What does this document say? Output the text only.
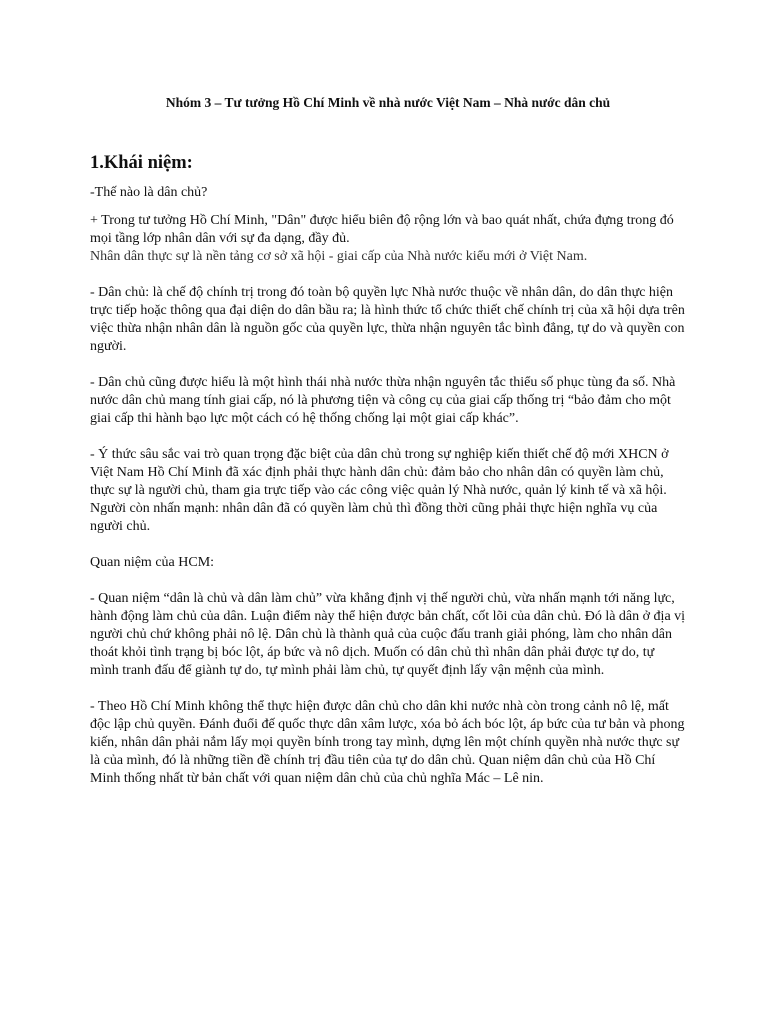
Nhóm 3 – Tư tưởng Hồ Chí Minh về nhà nước Việt Nam – Nhà nước dân chủ

1.Khái niệm:

-Thế nào là dân chủ?

+ Trong tư tưởng Hồ Chí Minh, "Dân" được hiểu biên độ rộng lớn và bao quát nhất, chứa đựng trong đó mọi tầng lớp nhân dân với sự đa dạng, đầy đủ.

Nhân dân thực sự là nền tảng cơ sở xã hội - giai cấp của Nhà nước kiểu mới ở Việt Nam.

- Dân chủ: là chế độ chính trị trong đó toàn bộ quyền lực Nhà nước thuộc về nhân dân, do dân thực hiện trực tiếp hoặc thông qua đại diện do dân bầu ra; là hình thức tổ chức thiết chế chính trị của xã hội dựa trên việc thừa nhận nhân dân là nguồn gốc của quyền lực, thừa nhận nguyên tắc bình đẳng, tự do và quyền con người.

- Dân chủ cũng được hiểu là một hình thái nhà nước thừa nhận nguyên tắc thiểu số phục tùng đa số. Nhà nước dân chủ mang tính giai cấp, nó là phương tiện và công cụ của giai cấp thống trị “bảo đảm cho một giai cấp thi hành bạo lực một cách có hệ thống chống lại một giai cấp khác”.

- Ý thức sâu sắc vai trò quan trọng đặc biệt của dân chủ trong sự nghiệp kiến thiết chế độ mới XHCN ở Việt Nam Hồ Chí Minh đã xác định phải thực hành dân chủ: đảm bảo cho nhân dân có quyền làm chủ, thực sự là người chủ, tham gia trực tiếp vào các công việc quản lý Nhà nước, quản lý kinh tế và xã hội. Người còn nhấn mạnh: nhân dân đã có quyền làm chủ thì đồng thời cũng phải thực hiện nghĩa vụ của người chủ.

Quan niệm của HCM:

- Quan niệm “dân là chủ và dân làm chủ” vừa khẳng định vị thế người chủ, vừa nhấn mạnh tới năng lực, hành động làm chủ của dân. Luận điểm này thể hiện được bản chất, cốt lõi của dân chủ. Đó là dân ở địa vị người chủ chứ không phải nô lệ. Dân chủ là thành quả của cuộc đấu tranh giải phóng, làm cho nhân dân thoát khỏi tình trạng bị bóc lột, áp bức và nô dịch. Muốn có dân chủ thì nhân dân phải được tự do, tự mình tranh đấu để giành tự do, tự mình phải làm chủ, tự quyết định lấy vận mệnh của mình.

- Theo Hồ Chí Minh không thể thực hiện được dân chủ cho dân khi nước nhà còn trong cảnh nô lệ, mất độc lập chủ quyền. Đánh đuổi đế quốc thực dân xâm lược, xóa bỏ ách bóc lột, áp bức của tư bản và phong kiến, nhân dân phải nắm lấy mọi quyền bính trong tay mình, dựng lên một chính quyền nhà nước thực sự là của mình, đó là những tiền đề chính trị đầu tiên của tự do dân chủ. Quan niệm dân chủ của Hồ Chí Minh thống nhất từ bản chất với quan niệm dân chủ của chủ nghĩa Mác – Lê nin.
